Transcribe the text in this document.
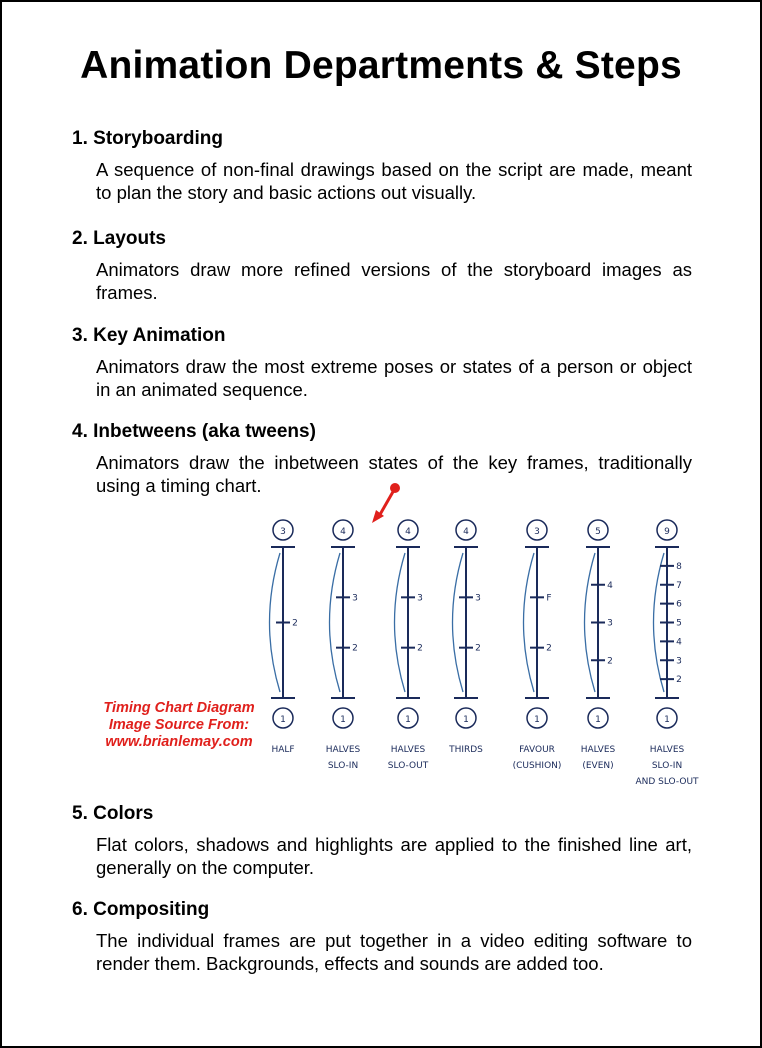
Animation Departments & Steps
1. Storyboarding
A sequence of non-final drawings based on the script are made, meant to plan the story and basic actions out visually.
2. Layouts
Animators draw more refined versions of the storyboard images as frames.
3. Key Animation
Animators draw the most extreme poses or states of a person or object in an animated sequence.
4. Inbetweens (aka tweens)
Animators draw the inbetween states of the key frames, traditionally using a timing chart.
3
1
2
HALF
4
1
3
2
HALVES
SLO-IN
4
1
3
2
HALVES
SLO-OUT
4
1
3
2
THIRDS
3
1
F
2
FAVOUR
(CUSHION)
5
1
4
3
2
HALVES
(EVEN)
9
1
8
7
6
5
4
3
2
HALVES
SLO-IN
AND SLO-OUT
Timing Chart Diagram
Image Source From:
www.brianlemay.com
5. Colors
Flat colors, shadows and highlights are applied to the finished line art, generally on the computer.
6. Compositing
The individual frames are put together in a video editing software to render them. Backgrounds, effects and sounds are added too.
